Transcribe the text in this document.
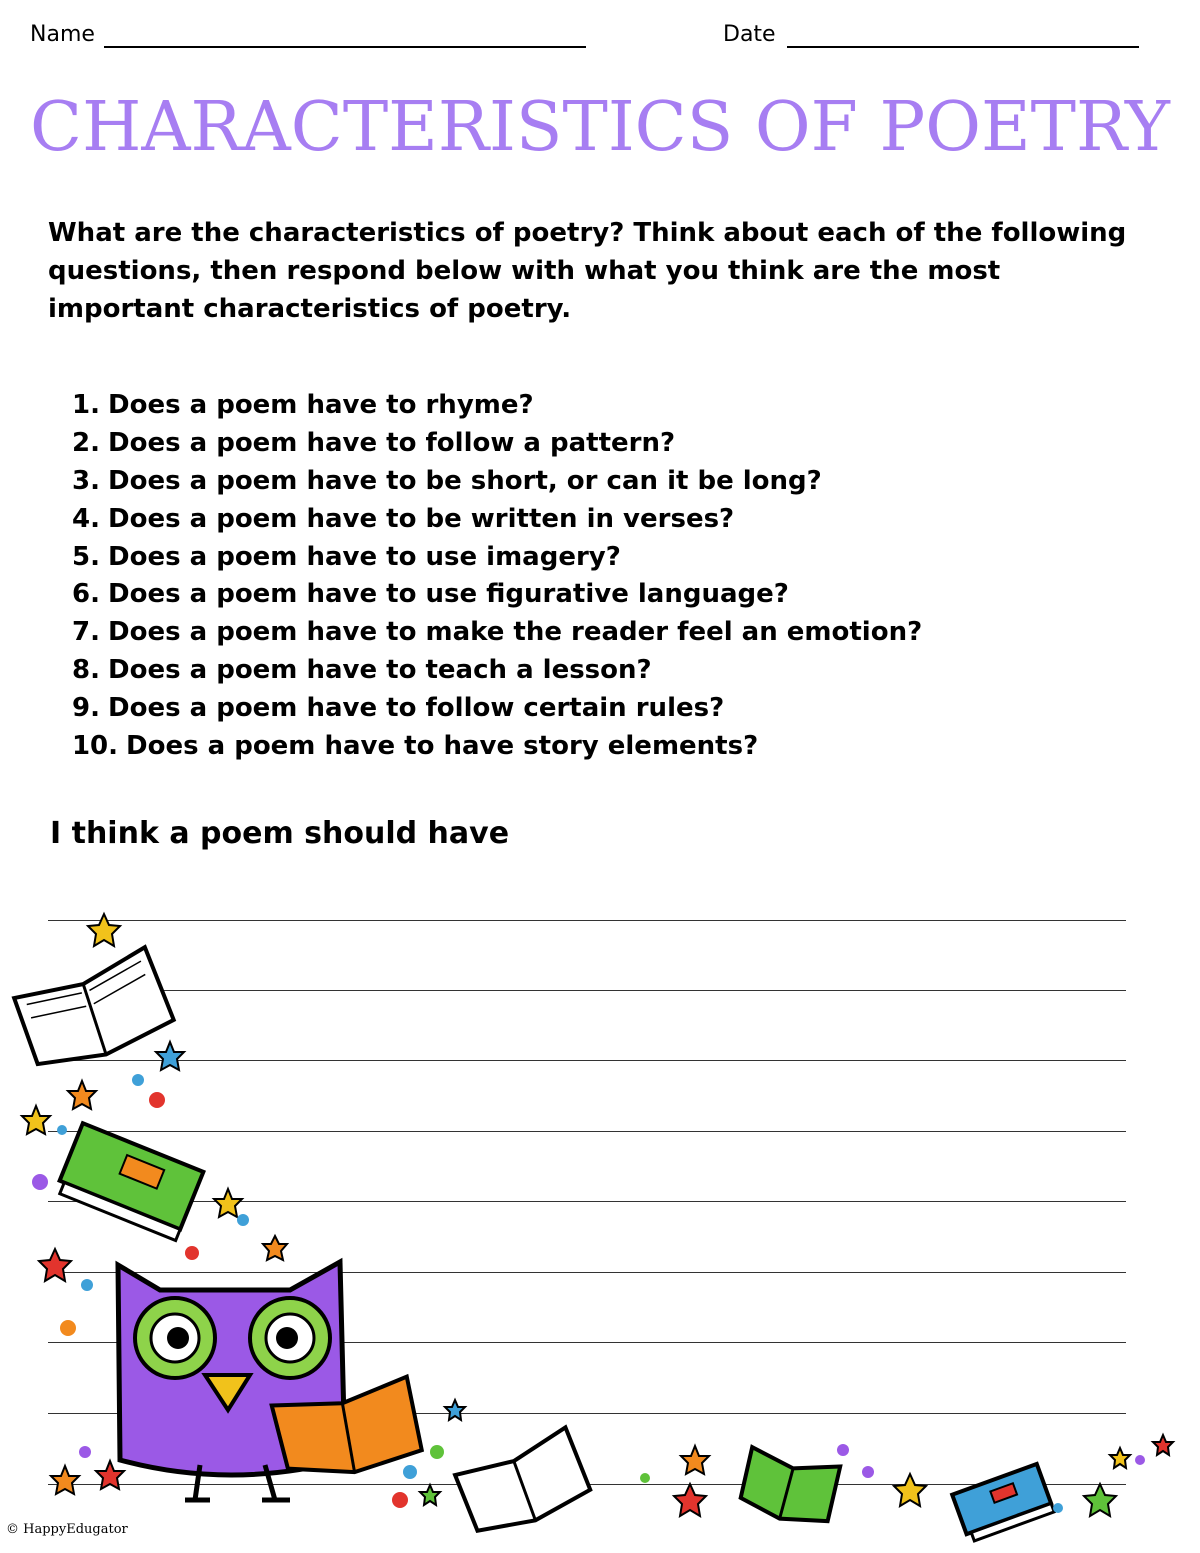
Name	Date
CHARACTERISTICS OF POETRY
What are the characteristics of poetry? Think about each of the following questions, then respond below with what you think are the most important characteristics of poetry.
1. Does a poem have to rhyme?
2. Does a poem have to follow a pattern?
3. Does a poem have to be short, or can it be long?
4. Does a poem have to be written in verses?
5. Does a poem have to use imagery?
6. Does a poem have to use figurative language?
7. Does a poem have to make the reader feel an emotion?
8. Does a poem have to teach a lesson?
9. Does a poem have to follow certain rules?
10. Does a poem have to have story elements?
I think a poem should have
© HappyEdugator
